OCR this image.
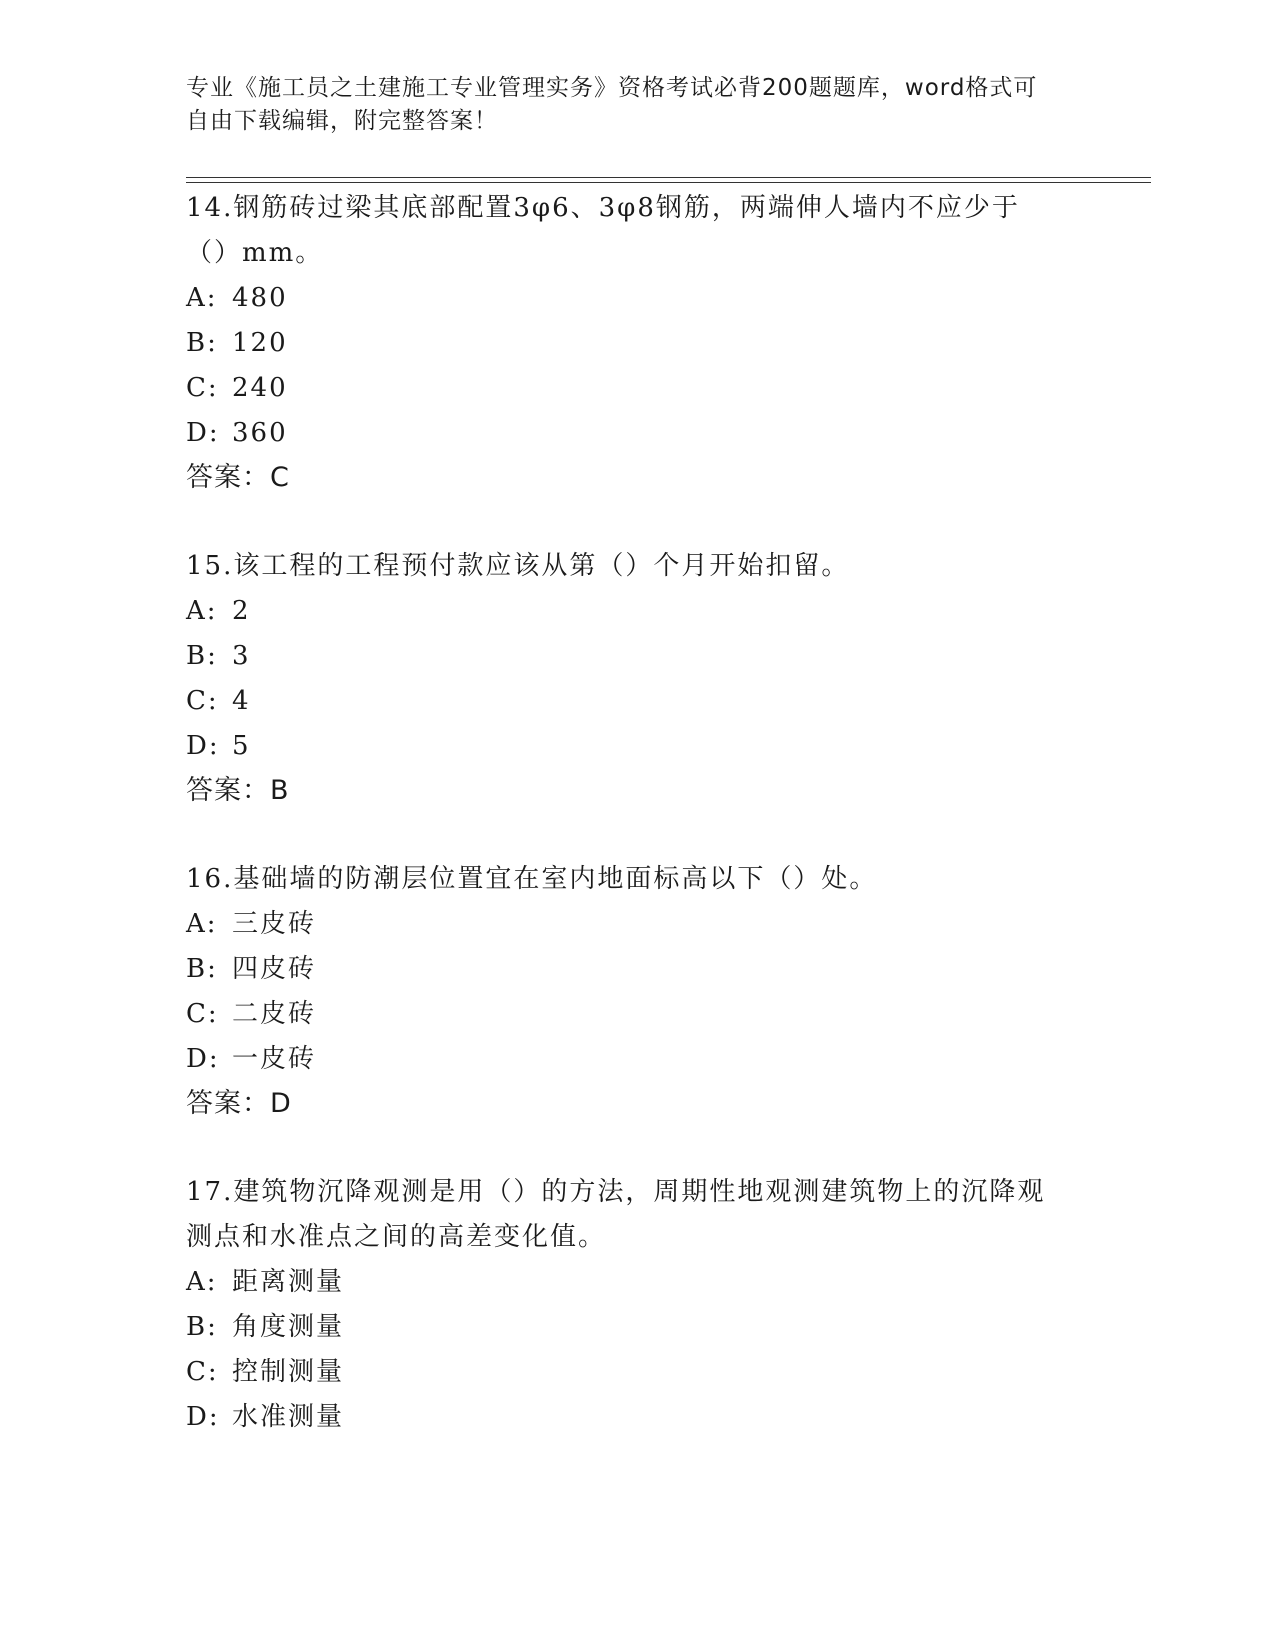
专业《施工员之土建施工专业管理实务》资格考试必背200题题库，word格式可
自由下载编辑，附完整答案！
14.钢筋砖过梁其底部配置3φ6、3φ8钢筋，两端伸人墙内不应少于
（）mm。
A: 480
B: 120
C: 240
D: 360
答案：C
15.该工程的工程预付款应该从第（）个月开始扣留。
A: 2
B: 3
C: 4
D: 5
答案：B
16.基础墙的防潮层位置宜在室内地面标高以下（）处。
A: 三皮砖
B: 四皮砖
C: 二皮砖
D: 一皮砖
答案：D
17.建筑物沉降观测是用（）的方法，周期性地观测建筑物上的沉降观
测点和水准点之间的高差变化值。
A: 距离测量
B: 角度测量
C: 控制测量
D: 水准测量
